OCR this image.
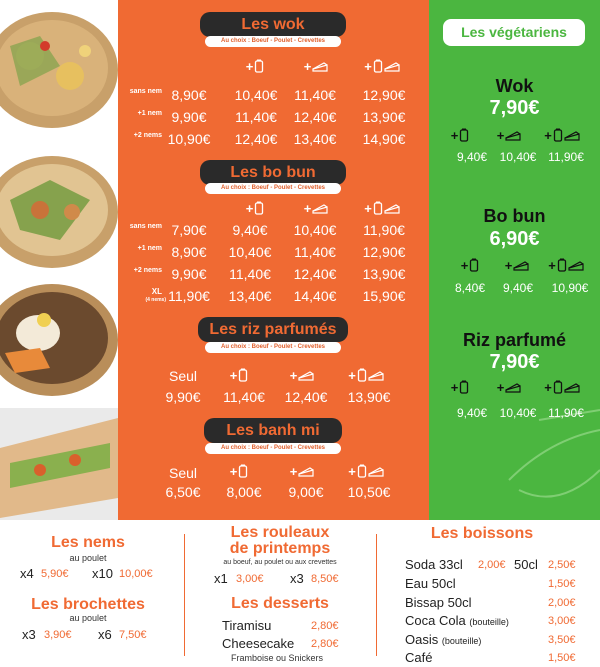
Les wok
Au choix : Boeuf - Poulet - Crevettes
+	+	+
sans nem 8,90€	10,40€	11,40€	12,90€
+1 nem 9,90€	11,40€	12,40€	13,90€
+2 nems 10,90€	12,40€	13,40€	14,90€
Les bo bun
Au choix : Boeuf - Poulet - Crevettes
+	+	+
sans nem 7,90€	9,40€	10,40€	11,90€
+1 nem 8,90€	10,40€	11,40€	12,90€
+2 nems 9,90€	11,40€	12,40€	13,90€
XL
(4 nems) 11,90€	13,40€	14,40€	15,90€
Les riz parfumés
Au choix : Boeuf - Poulet - Crevettes
+	+	+
Seul
9,90€	11,40€	12,40€	13,90€
Les banh mi
Au choix : Boeuf - Poulet - Crevettes
+	+	+
Seul
6,50€	8,00€	9,00€	10,50€
Les végétariens
Wok
7,90€
+	+	+
9,40€	10,40€ 11,90€
Bo bun
6,90€
+	+	+
8,40€	9,40€	10,90€
Riz parfumé
7,90€
+	+	+
9,40€	10,40€ 11,90€
Les nems
au poulet
x4 5,90€ x10 10,00€
Les brochettes
au poulet
x3 3,90€ x6 7,50€
Les rouleaux
de printemps
au boeuf, au poulet ou aux crevettes
x1 3,00€ x3 8,50€
Les desserts
Tiramisu	2,80€
Cheesecake 2,80€
Framboise ou Snickers
Les boissons
Soda 33cl 2,00€ 50cl 2,50€
Eau 50cl	1,50€
Bissap 50cl	2,00€
Coca Cola (bouteille)	3,00€
Oasis (bouteille)	3,50€
Café	1,50€
